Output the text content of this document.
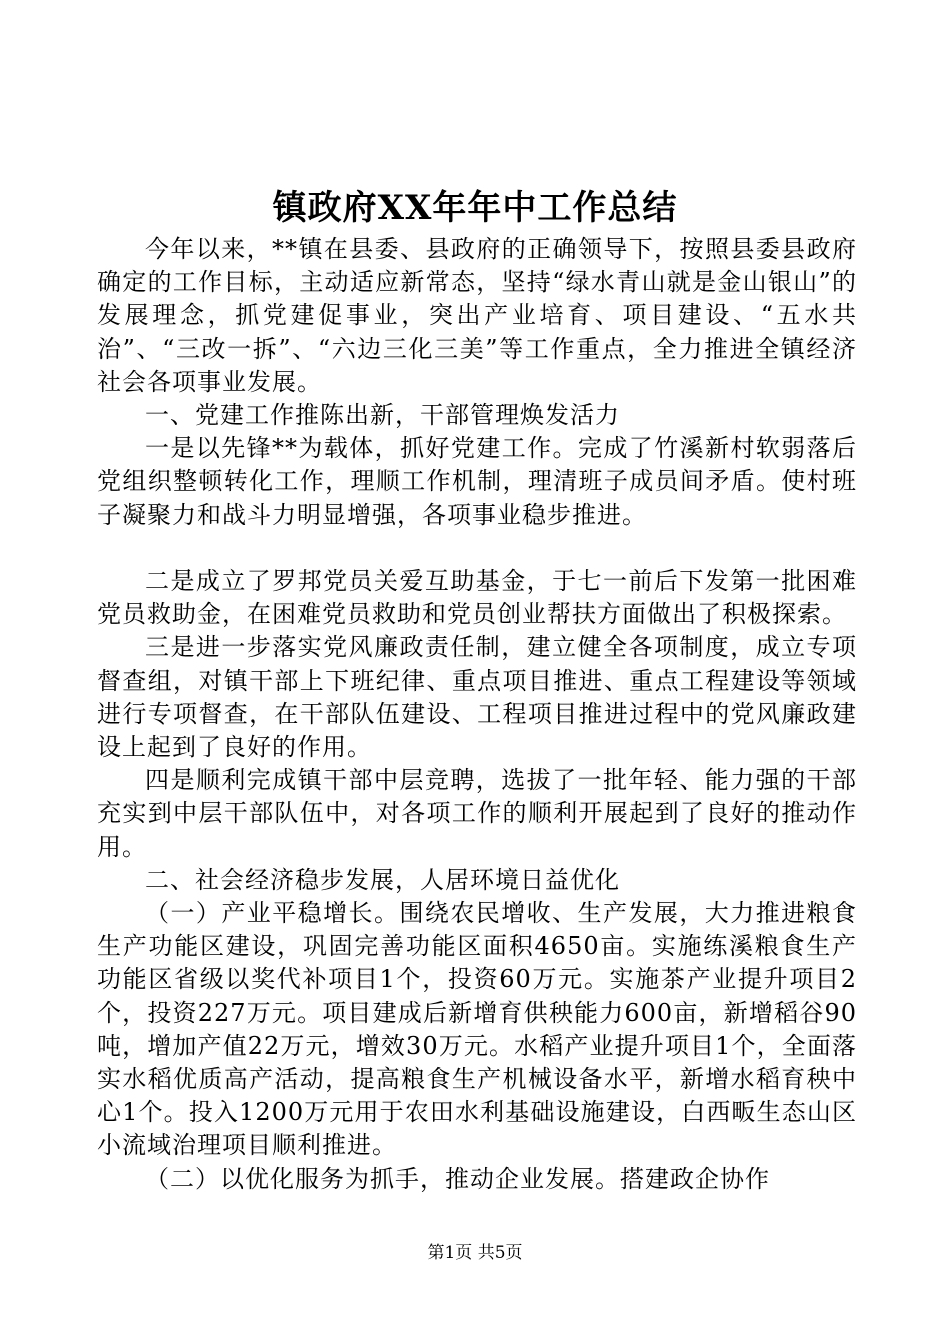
镇政府XX年年中工作总结

今年以来，**镇在县委、县政府的正确领导下，按照县委县政府确定的工作目标，主动适应新常态，坚持“绿水青山就是金山银山”的发展理念，抓党建促事业，突出产业培育、项目建设、“五水共治”、“三改一拆”、“六边三化三美”等工作重点，全力推进全镇经济社会各项事业发展。

一、党建工作推陈出新，干部管理焕发活力

一是以先锋**为载体，抓好党建工作。完成了竹溪新村软弱落后党组织整顿转化工作，理顺工作机制，理清班子成员间矛盾。使村班子凝聚力和战斗力明显增强，各项事业稳步推进。

二是成立了罗邦党员关爱互助基金，于七一前后下发第一批困难党员救助金，在困难党员救助和党员创业帮扶方面做出了积极探索。

三是进一步落实党风廉政责任制，建立健全各项制度，成立专项督查组，对镇干部上下班纪律、重点项目推进、重点工程建设等领域进行专项督查，在干部队伍建设、工程项目推进过程中的党风廉政建设上起到了良好的作用。

四是顺利完成镇干部中层竞聘，选拔了一批年轻、能力强的干部充实到中层干部队伍中，对各项工作的顺利开展起到了良好的推动作用。

二、社会经济稳步发展，人居环境日益优化

（一）产业平稳增长。围绕农民增收、生产发展，大力推进粮食生产功能区建设，巩固完善功能区面积4650亩。实施练溪粮食生产功能区省级以奖代补项目1个，投资60万元。实施茶产业提升项目2个，投资227万元。项目建成后新增育供秧能力600亩，新增稻谷90吨，增加产值22万元，增效30万元。水稻产业提升项目1个，全面落实水稻优质高产活动，提高粮食生产机械设备水平，新增水稻育秧中心1个。投入1200万元用于农田水利基础设施建设，白西畈生态山区小流域治理项目顺利推进。

（二）以优化服务为抓手，推动企业发展。搭建政企协作

第1页 共5页
